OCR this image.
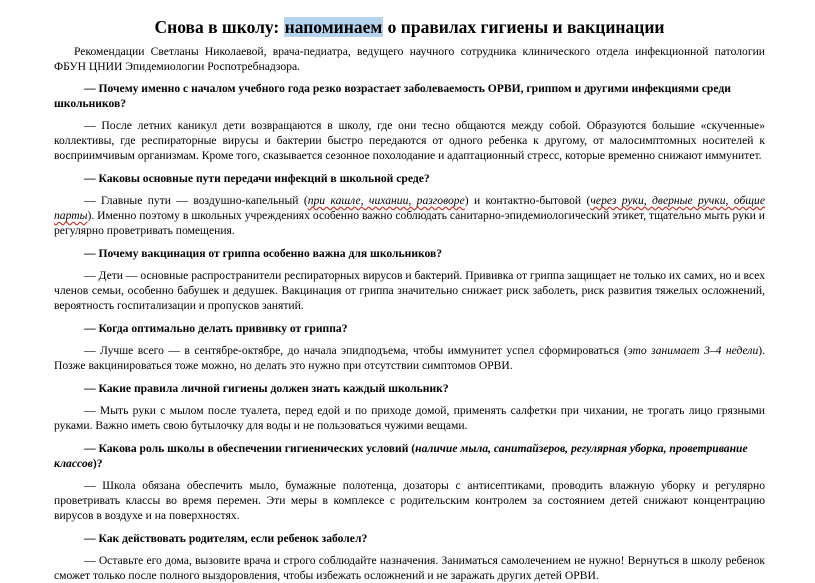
Снова в школу: напоминаем о правилах гигиены и вакцинации

Рекомендации Светланы Николаевой, врача-педиатра, ведущего научного сотрудника клинического отдела инфекционной патологии ФБУН ЦНИИ Эпидемиологии Роспотребнадзора.

— Почему именно с началом учебного года резко возрастает заболеваемость ОРВИ, гриппом и другими инфекциями среди школьников?

— После летних каникул дети возвращаются в школу, где они тесно общаются между собой. Образуются большие «скученные» коллективы, где респираторные вирусы и бактерии быстро передаются от одного ребенка к другому, от малосимптомных носителей к восприимчивым организмам. Кроме того, сказывается сезонное похолодание и адаптационный стресс, которые временно снижают иммунитет.

— Каковы основные пути передачи инфекций в школьной среде?

— Главные пути — воздушно-капельный (при кашле, чихании, разговоре) и контактно-бытовой (через руки, дверные ручки, общие парты). Именно поэтому в школьных учреждениях особенно важно соблюдать санитарно-эпидемиологический этикет, тщательно мыть руки и регулярно проветривать помещения.

— Почему вакцинация от гриппа особенно важна для школьников?

— Дети — основные распространители респираторных вирусов и бактерий. Прививка от гриппа защищает не только их самих, но и всех членов семьи, особенно бабушек и дедушек. Вакцинация от гриппа значительно снижает риск заболеть, риск развития тяжелых осложнений, вероятность госпитализации и пропусков занятий.

— Когда оптимально делать прививку от гриппа?

— Лучше всего — в сентябре-октябре, до начала эпидподъема, чтобы иммунитет успел сформироваться (это занимает 3–4 недели). Позже вакцинироваться тоже можно, но делать это нужно при отсутствии симптомов ОРВИ.

— Какие правила личной гигиены должен знать каждый школьник?

— Мыть руки с мылом после туалета, перед едой и по приходе домой, применять салфетки при чихании, не трогать лицо грязными руками. Важно иметь свою бутылочку для воды и не пользоваться чужими вещами.

— Какова роль школы в обеспечении гигиенических условий (наличие мыла, санитайзеров, регулярная уборка, проветривание классов)?

— Школа обязана обеспечить мыло, бумажные полотенца, дозаторы с антисептиками, проводить влажную уборку и регулярно проветривать классы во время перемен. Эти меры в комплексе с родительским контролем за состоянием детей снижают концентрацию вирусов в воздухе и на поверхностях.

— Как действовать родителям, если ребенок заболел?

— Оставьте его дома, вызовите врача и строго соблюдайте назначения. Заниматься самолечением не нужно! Вернуться в школу ребенок сможет только после полного выздоровления, чтобы избежать осложнений и не заражать других детей ОРВИ.
